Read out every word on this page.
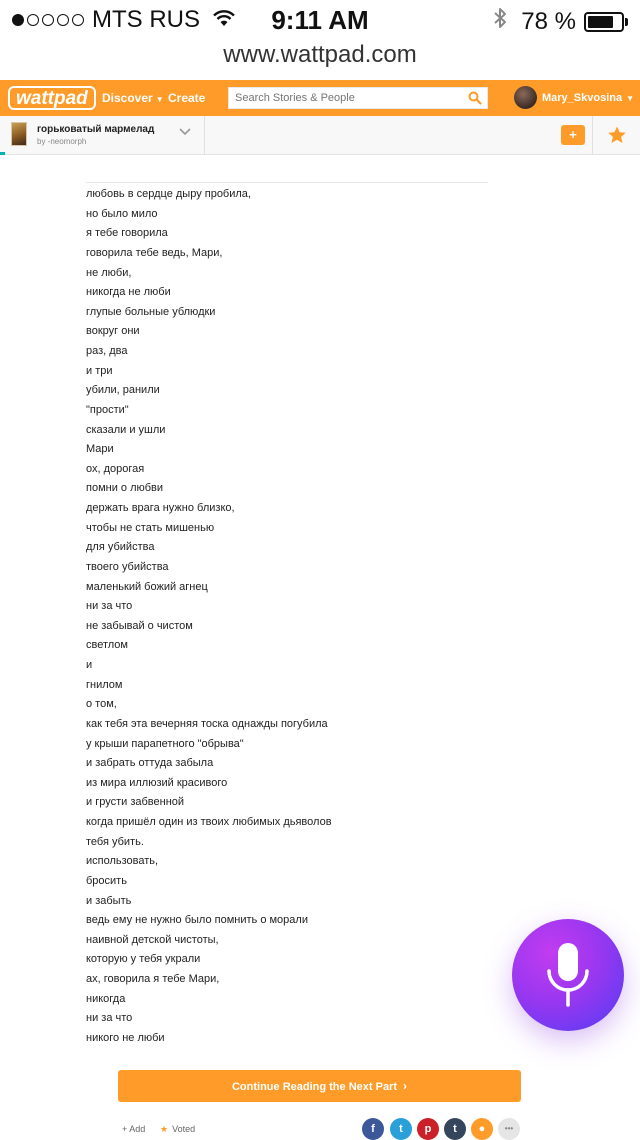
MTS RUS	9:11 AM	78 %
www.wattpad.com
wattpad	Discover ▼ Create
Search Stories & People	Mary_Skvosina ▼
горьковатый мармелад
by -neomorph	+
любовь в сердце дыру пробила,
но было мило
я тебе говорила
говорила тебе ведь, Мари,
не люби,
никогда не люби
глупые больные ублюдки
вокруг они
раз, два
и три
убили, ранили
"прости"
сказали и ушли
Мари
ох, дорогая
помни о любви
держать врага нужно близко,
чтобы не стать мишенью
для убийства
твоего убийства
маленький божий агнец
ни за что
не забывай о чистом
светлом
и
гнилом
о том,
как тебя эта вечерняя тоска однажды погубила
у крыши парапетного "обрыва"
и забрать оттуда забыла
из мира иллюзий красивого
и грусти забвенной
когда пришёл один из твоих любимых дьяволов
тебя убить.
использовать,
бросить
и забыть
ведь ему не нужно было помнить о морали
наивной детской чистоты,
которую у тебя украли
ах, говорила я тебе Мари,
никогда
ни за что
никого не люби
Continue Reading the Next Part ›
+ Add ★ Voted	f	t	p	t	●	•••
